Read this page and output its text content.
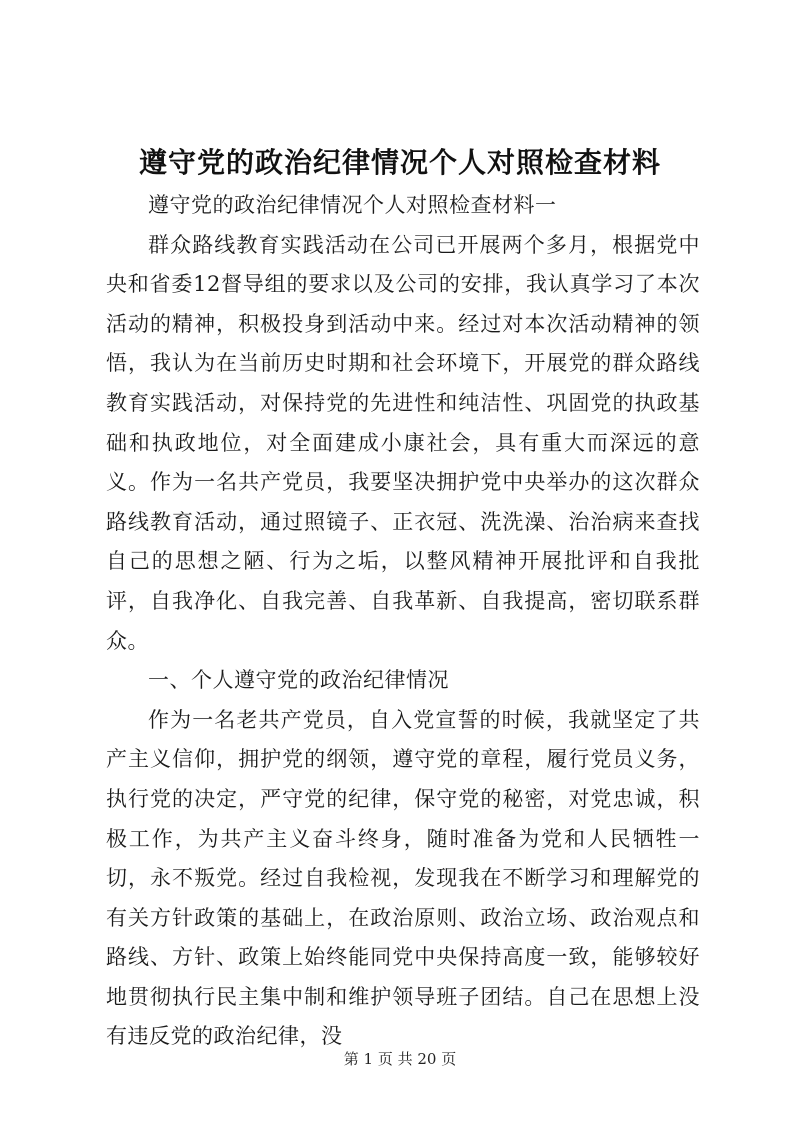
遵守党的政治纪律情况个人对照检查材料

遵守党的政治纪律情况个人对照检查材料一

群众路线教育实践活动在公司已开展两个多月，根据党中央和省委12督导组的要求以及公司的安排，我认真学习了本次活动的精神，积极投身到活动中来。经过对本次活动精神的领悟，我认为在当前历史时期和社会环境下，开展党的群众路线教育实践活动，对保持党的先进性和纯洁性、巩固党的执政基础和执政地位，对全面建成小康社会，具有重大而深远的意义。作为一名共产党员，我要坚决拥护党中央举办的这次群众路线教育活动，通过照镜子、正衣冠、洗洗澡、治治病来查找自己的思想之陋、行为之垢，以整风精神开展批评和自我批评，自我净化、自我完善、自我革新、自我提高，密切联系群众。

一、个人遵守党的政治纪律情况

作为一名老共产党员，自入党宣誓的时候，我就坚定了共产主义信仰，拥护党的纲领，遵守党的章程，履行党员义务，执行党的决定，严守党的纪律，保守党的秘密，对党忠诚，积极工作，为共产主义奋斗终身，随时准备为党和人民牺牲一切，永不叛党。经过自我检视，发现我在不断学习和理解党的有关方针政策的基础上，在政治原则、政治立场、政治观点和路线、方针、政策上始终能同党中央保持高度一致，能够较好地贯彻执行民主集中制和维护领导班子团结。自己在思想上没有违反党的政治纪律，没

第 1 页 共 20 页
